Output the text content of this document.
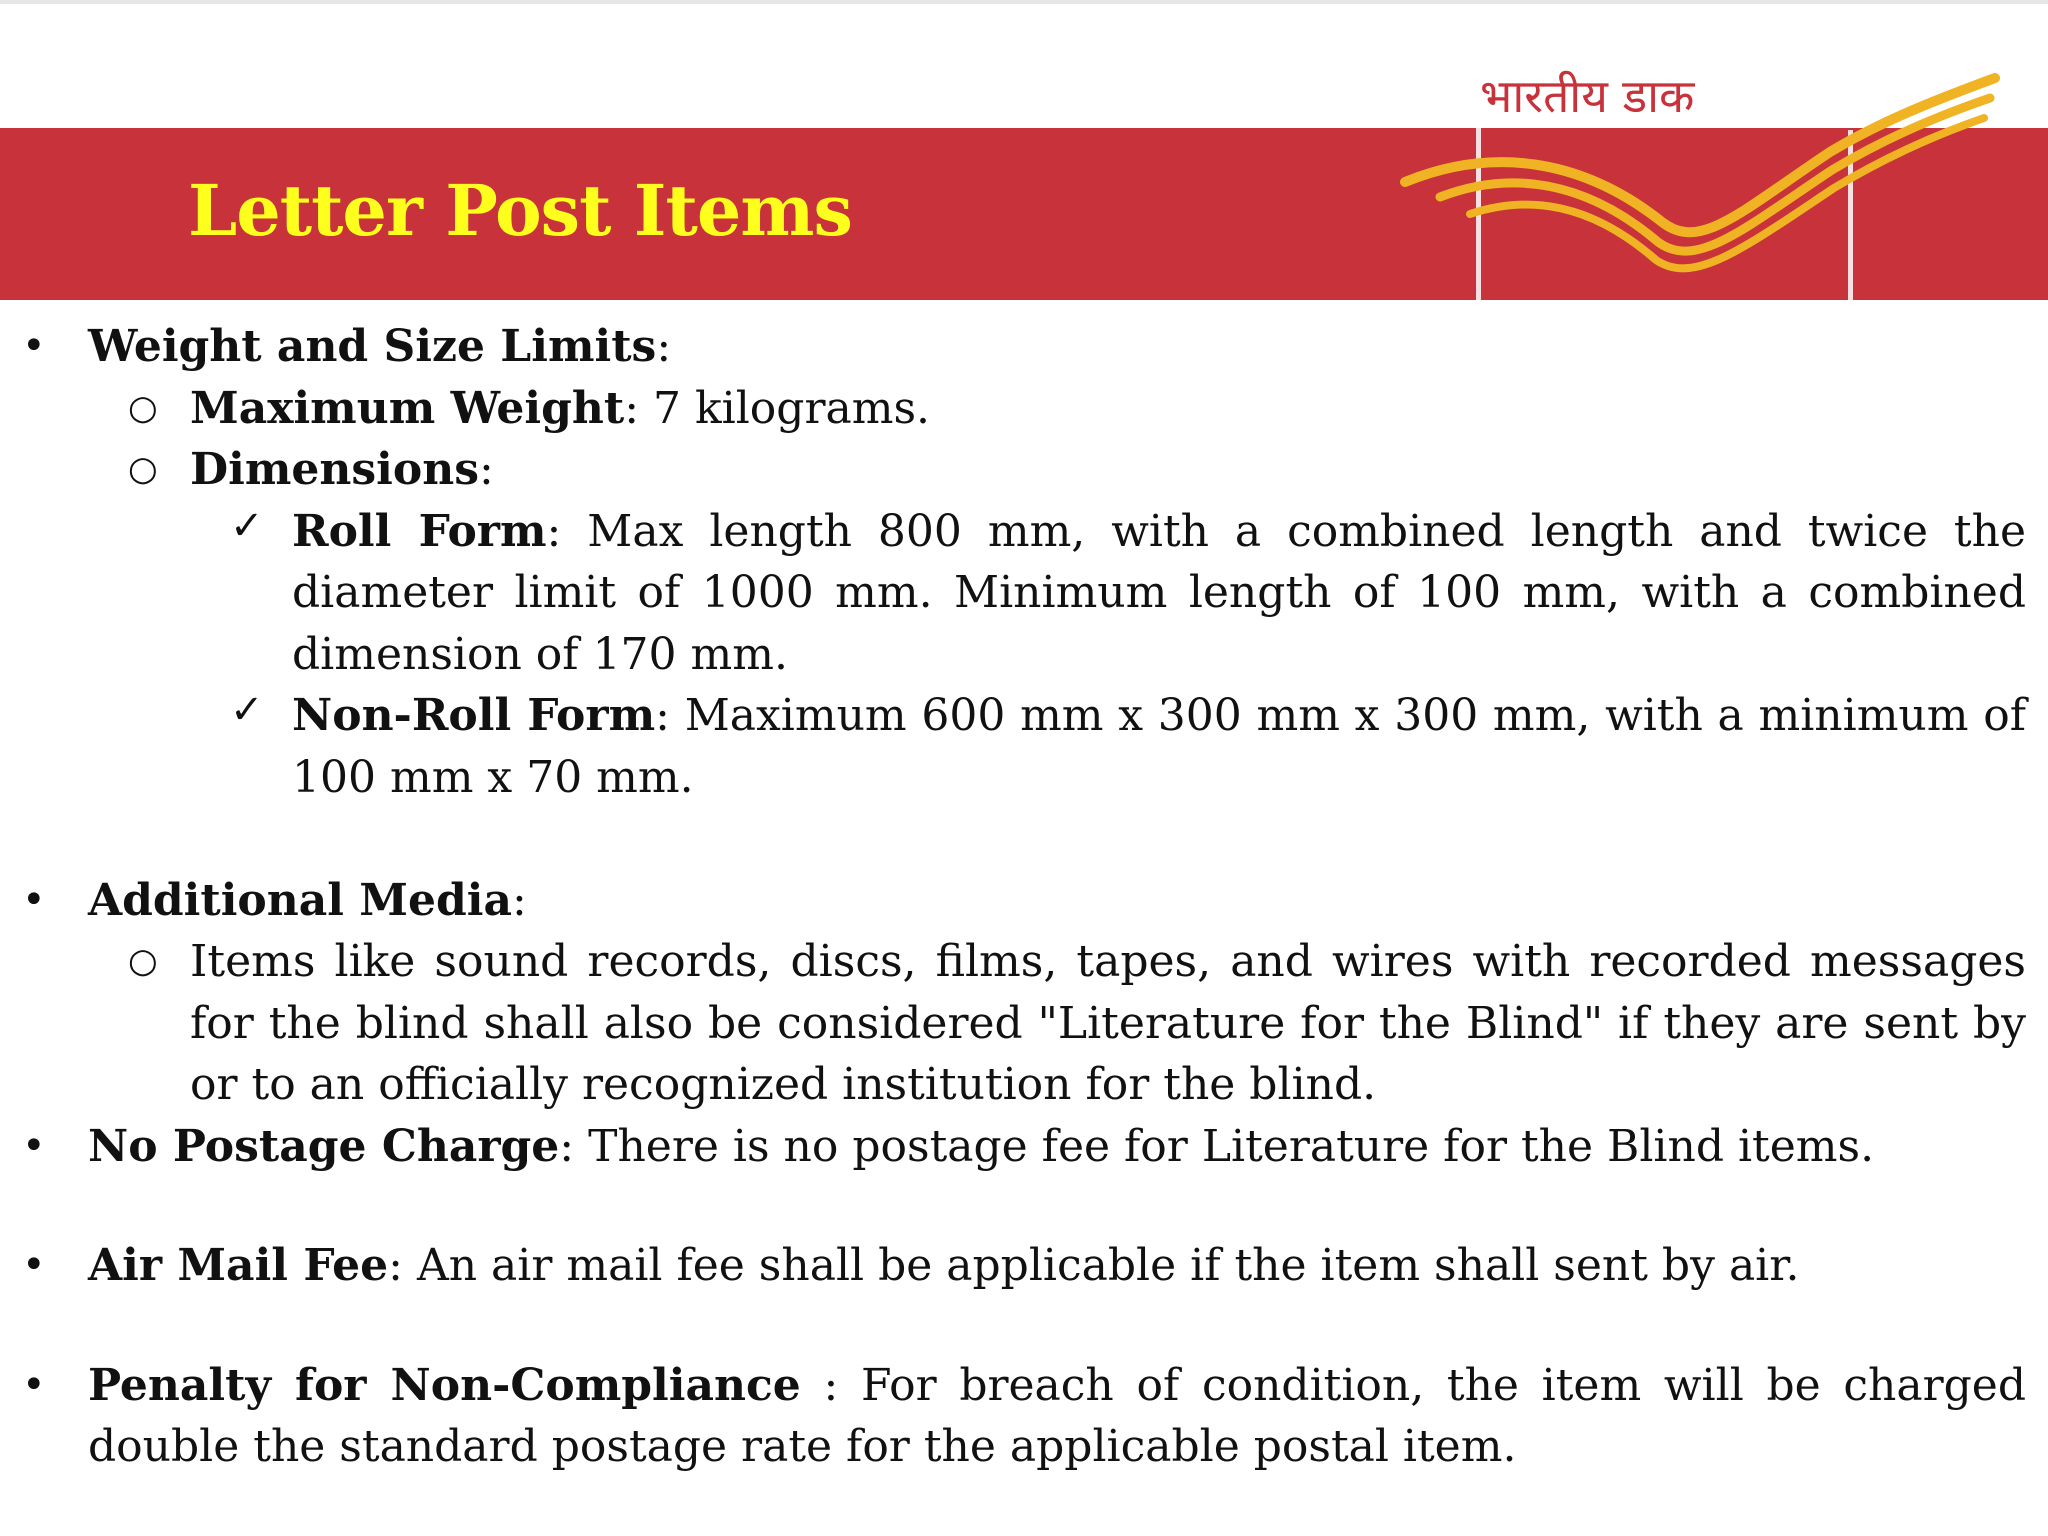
Letter Post Items
भारतीय डाक
• Weight and Size Limits:
○ Maximum Weight: 7 kilograms.
○ Dimensions:
✓ Roll Form: Max length 800 mm, with a combined length and twice the diameter limit of 1000 mm. Minimum length of 100 mm, with a combined dimension of 170 mm.
✓ Non-Roll Form: Maximum 600 mm x 300 mm x 300 mm, with a minimum of 100 mm x 70 mm.
• Additional Media:
○ Items like sound records, discs, films, tapes, and wires with recorded messages for the blind shall also be considered "Literature for the Blind" if they are sent by or to an officially recognized institution for the blind.
• No Postage Charge: There is no postage fee for Literature for the Blind items.
• Air Mail Fee: An air mail fee shall be applicable if the item shall sent by air.
• Penalty for Non-Compliance : For breach of condition, the item will be charged double the standard postage rate for the applicable postal item.
